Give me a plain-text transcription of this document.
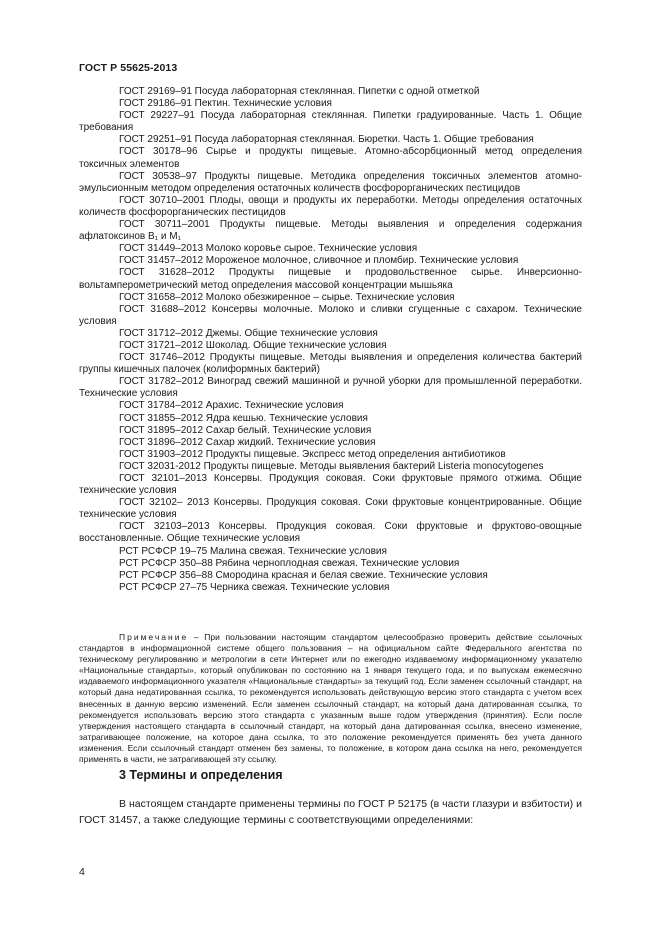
ГОСТ Р 55625-2013

ГОСТ 29169–91 Посуда лабораторная стеклянная. Пипетки с одной отметкой

ГОСТ 29186–91 Пектин. Технические условия

ГОСТ 29227–91 Посуда лабораторная стеклянная. Пипетки градуированные. Часть 1. Общие требования

ГОСТ 29251–91 Посуда лабораторная стеклянная. Бюретки. Часть 1. Общие требования

ГОСТ 30178–96 Сырье и продукты пищевые. Атомно-абсорбционный метод определения токсичных элементов

ГОСТ 30538–97 Продукты пищевые. Методика определения токсичных элементов атомно-эмульсионным методом определения остаточных количеств фосфорорганических пестицидов

ГОСТ 30710–2001 Плоды, овощи и продукты их переработки. Методы определения остаточных количеств фосфорорганических пестицидов

ГОСТ 30711–2001 Продукты пищевые. Методы выявления и определения содержания афлатоксинов B₁ и M₁

ГОСТ 31449–2013 Молоко коровье сырое. Технические условия

ГОСТ 31457–2012 Мороженое молочное, сливочное и пломбир. Технические условия

ГОСТ 31628–2012 Продукты пищевые и продовольственное сырье. Инверсионно-вольтамперометрический метод определения массовой концентрации мышьяка

ГОСТ 31658–2012 Молоко обезжиренное – сырье. Технические условия

ГОСТ 31688–2012 Консервы молочные. Молоко и сливки сгущенные с сахаром. Технические условия

ГОСТ 31712–2012 Джемы. Общие технические условия

ГОСТ 31721–2012 Шоколад. Общие технические условия

ГОСТ 31746–2012 Продукты пищевые. Методы выявления и определения количества бактерий группы кишечных палочек (колиформных бактерий)

ГОСТ 31782–2012 Виноград свежий машинной и ручной уборки для промышленной переработки. Технические условия

ГОСТ 31784–2012 Арахис. Технические условия

ГОСТ 31855–2012 Ядра кешью. Технические условия

ГОСТ 31895–2012 Сахар белый. Технические условия

ГОСТ 31896–2012 Сахар жидкий. Технические условия

ГОСТ 31903–2012 Продукты пищевые. Экспресс метод определения антибиотиков

ГОСТ 32031-2012 Продукты пищевые. Методы выявления бактерий Listeria monocytogenes

ГОСТ 32101–2013 Консервы. Продукция соковая. Соки фруктовые прямого отжима. Общие технические условия

ГОСТ 32102– 2013 Консервы. Продукция соковая. Соки фруктовые концентрированные. Общие технические условия

ГОСТ 32103–2013 Консервы. Продукция соковая. Соки фруктовые и фруктово-овощные восстановленные. Общие технические условия

РСТ РСФСР 19–75 Малина свежая. Технические условия

РСТ РСФСР 350–88 Рябина черноплодная свежая. Технические условия

РСТ РСФСР 356–88 Смородина красная и белая свежие. Технические условия

РСТ РСФСР 27–75 Черника свежая. Технические условия

Примечание – При пользовании настоящим стандартом целесообразно проверить действие ссылочных стандартов в информационной системе общего пользования – на официальном сайте Федерального агентства по техническому регулированию и метрологии в сети Интернет или по ежегодно издаваемому информационному указателю «Национальные стандарты», который опубликован по состоянию на 1 января текущего года, и по выпускам ежемесячно издаваемого информационного указателя «Национальные стандарты» за текущий год. Если заменен ссылочный стандарт, на который дана недатированная ссылка, то рекомендуется использовать действующую версию этого стандарта с учетом всех внесенных в данную версию изменений. Если заменен ссылочный стандарт, на который дана датированная ссылка, то рекомендуется использовать версию этого стандарта с указанным выше годом утверждения (принятия). Если после утверждения настоящего стандарта в ссылочный стандарт, на который дана датированная ссылка, внесено изменение, затрагивающее положение, на которое дана ссылка, то это положение рекомендуется применять без учета данного изменения. Если ссылочный стандарт отменен без замены, то положение, в котором дана ссылка на него, рекомендуется применять в части, не затрагивающей эту ссылку.

3 Термины и определения

В настоящем стандарте применены термины по ГОСТ Р 52175 (в части глазури и взбитости) и ГОСТ 31457, а также следующие термины с соответствующими определениями:

4
